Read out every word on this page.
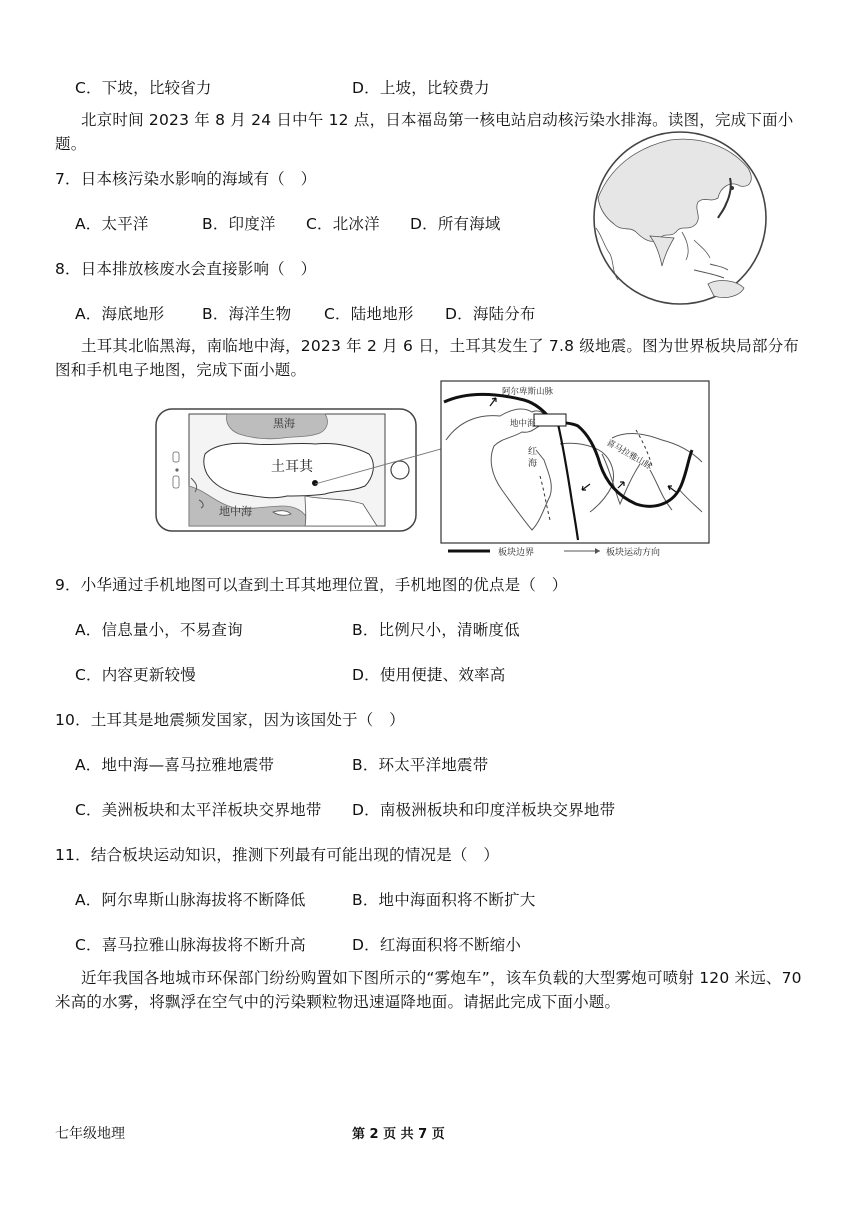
C．下坡，比较省力	D．上坡，比较费力
北京时间 2023 年 8 月 24 日中午 12 点，日本福岛第一核电站启动核污染水排海。读图，完成下面小题。
7．日本核污染水影响的海域有（　）
A．太平洋	B．印度洋 C．北冰洋 D．所有海域
8．日本排放核废水会直接影响（　）
A．海底地形 B．海洋生物 C．陆地地形 D．海陆分布
土耳其北临黑海，南临地中海，2023 年 2 月 6 日，土耳其发生了 7.8 级地震。图为世界板块局部分布图和手机电子地图，完成下面小题。
黑海
土耳其
地中海
阿尔卑斯山脉
地中海
红
海	喜马拉雅山脉
板块边界	板块运动方向
9．小华通过手机地图可以查到土耳其地理位置，手机地图的优点是（　）
A．信息量小，不易查询	B．比例尺小，清晰度低
C．内容更新较慢	D．使用便捷、效率高
10．土耳其是地震频发国家，因为该国处于（　）
A．地中海—喜马拉雅地震带	B．环太平洋地震带
C．美洲板块和太平洋板块交界地带 D．南极洲板块和印度洋板块交界地带
11．结合板块运动知识，推测下列最有可能出现的情况是（　）
A．阿尔卑斯山脉海拔将不断降低	B．地中海面积将不断扩大
C．喜马拉雅山脉海拔将不断升高	D．红海面积将不断缩小
近年我国各地城市环保部门纷纷购置如下图所示的“雾炮车”，该车负载的大型雾炮可喷射 120 米远、70 米高的水雾，将飘浮在空气中的污染颗粒物迅速逼降地面。请据此完成下面小题。
七年级地理	第 2 页 共 7 页
